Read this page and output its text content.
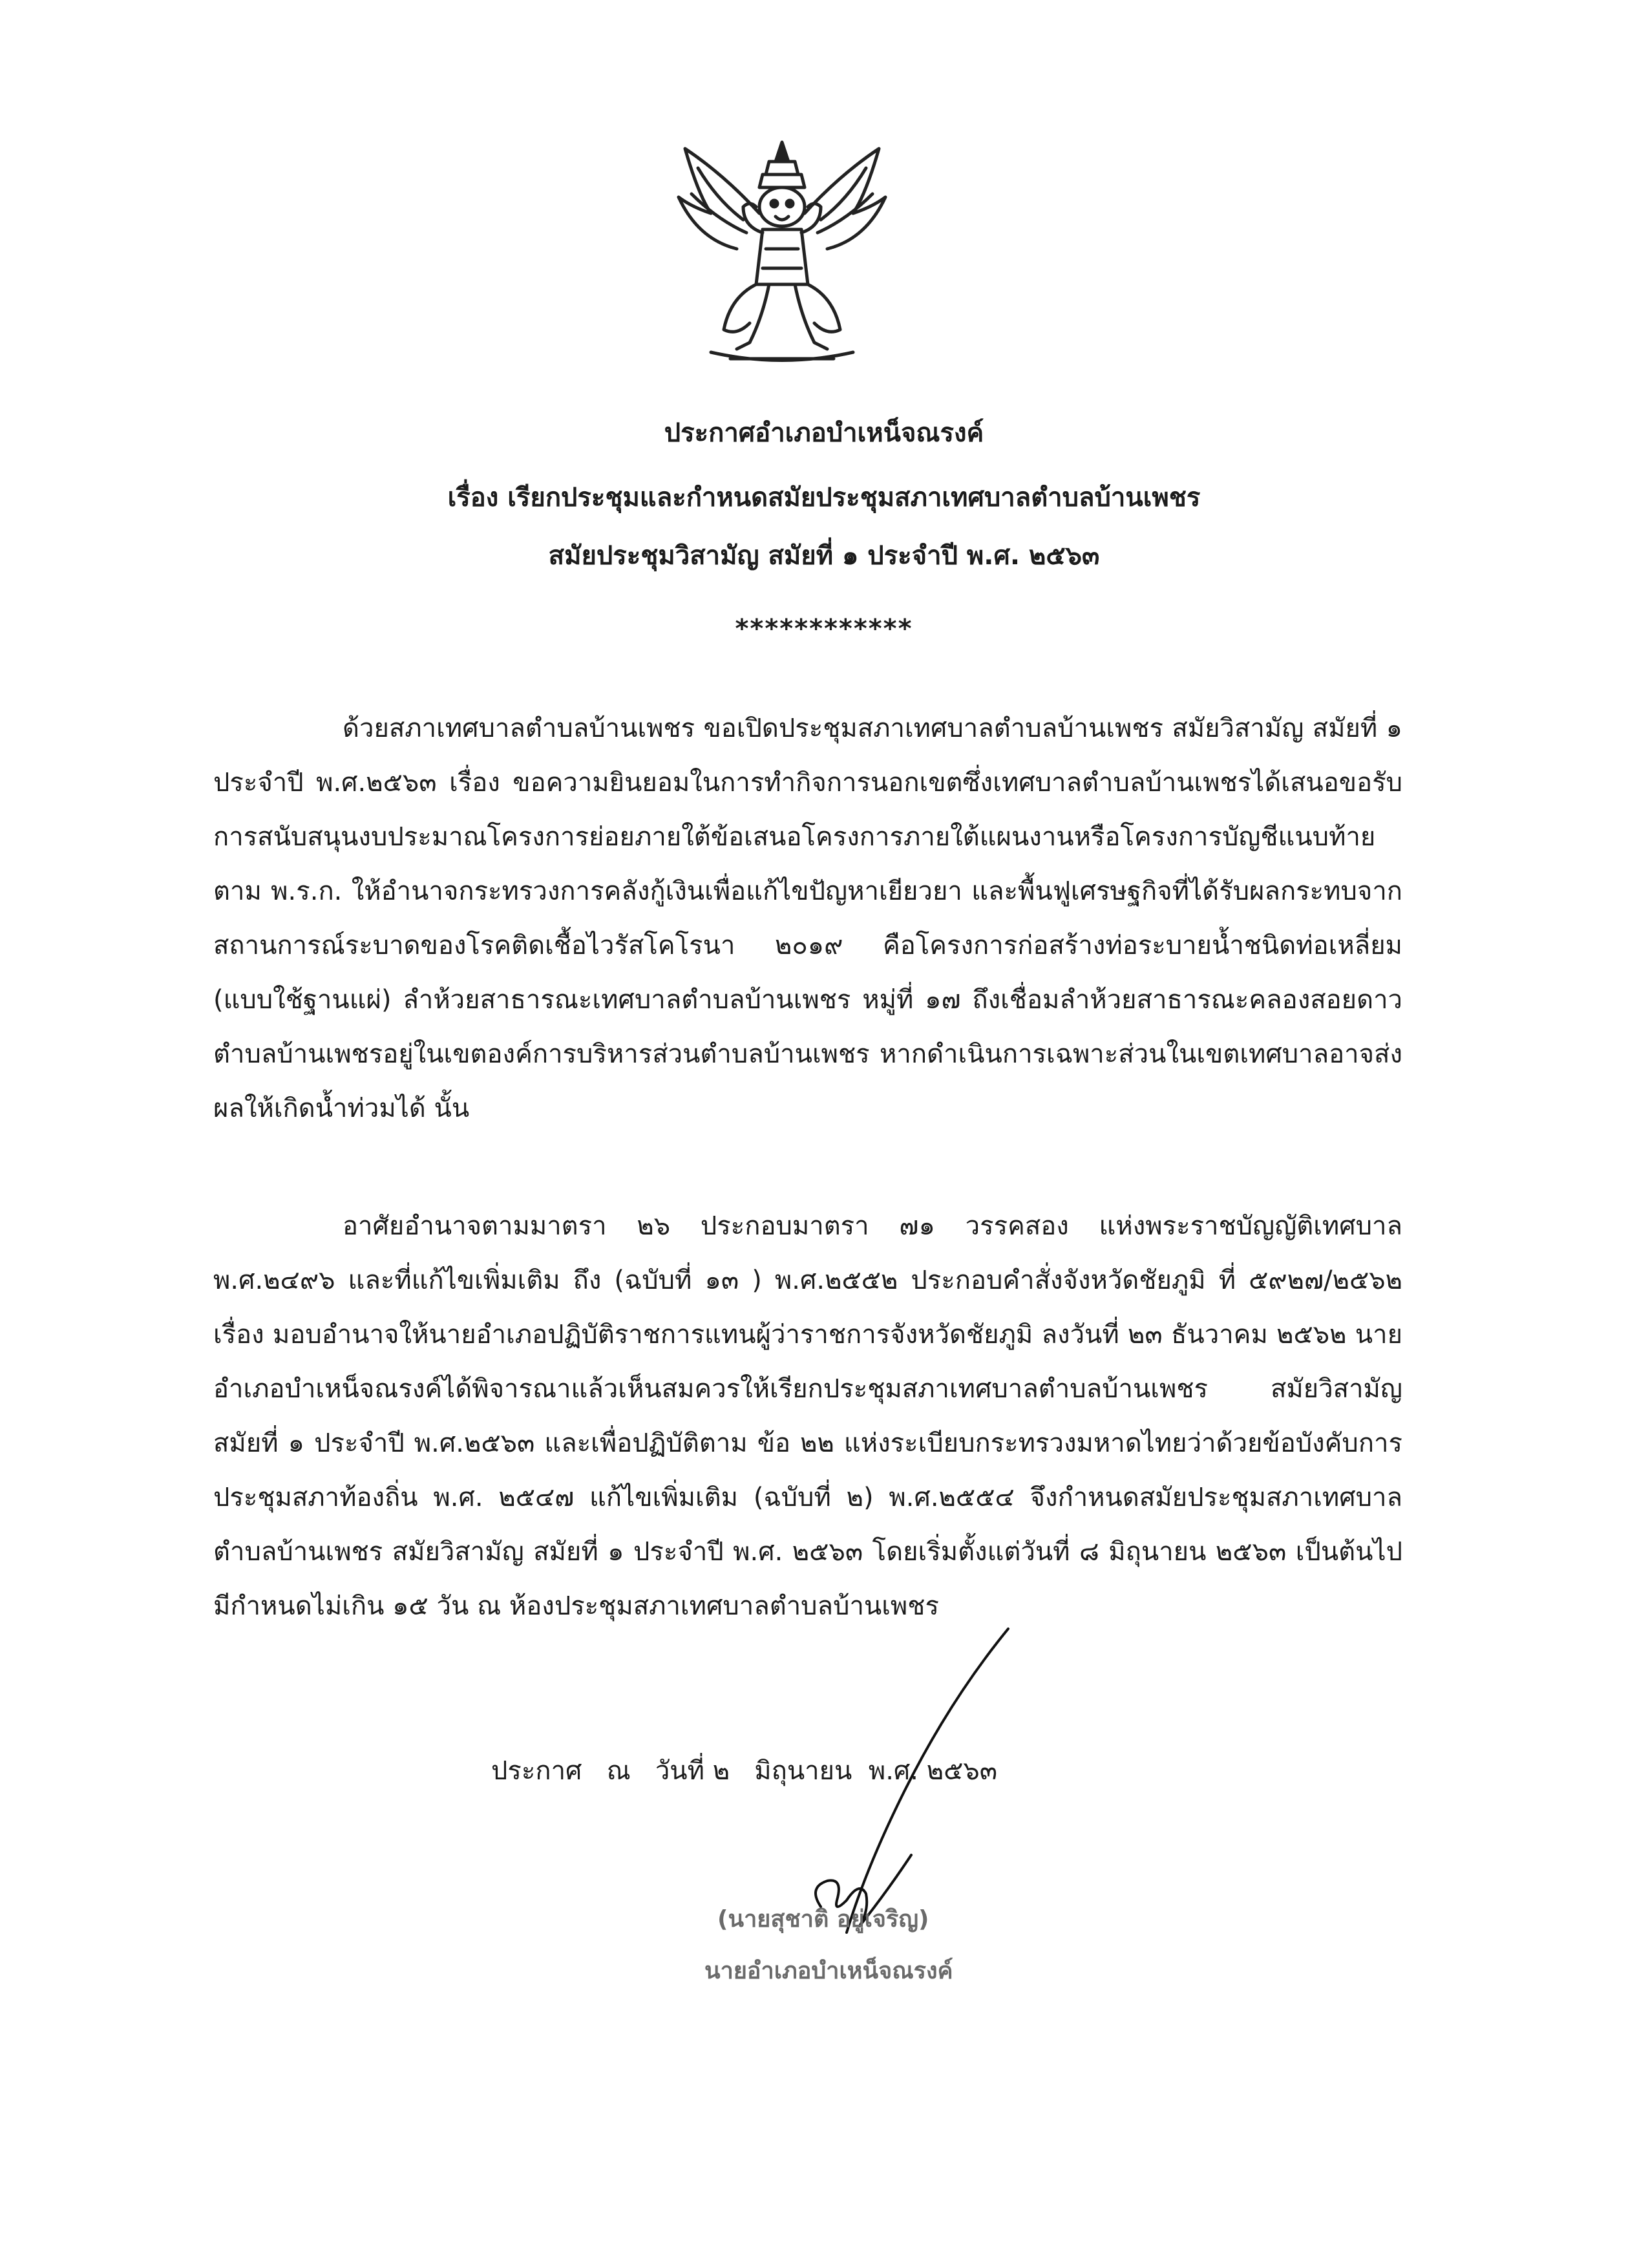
ประกาศอำเภอบำเหน็จณรงค์
เรื่อง เรียกประชุมและกำหนดสมัยประชุมสภาเทศบาลตำบลบ้านเพชร
สมัยประชุมวิสามัญ สมัยที่ ๑ ประจำปี พ.ศ. ๒๕๖๓
************

ด้วยสภาเทศบาลตำบลบ้านเพชร ขอเปิดประชุมสภาเทศบาลตำบลบ้านเพชร สมัยวิสามัญ สมัยที่ ๑ ประจำปี พ.ศ.๒๕๖๓ เรื่อง ขอความยินยอมในการทำกิจการนอกเขตซึ่งเทศบาลตำบลบ้านเพชรได้เสนอขอรับการสนับสนุนงบประมาณโครงการย่อยภายใต้ข้อเสนอโครงการภายใต้แผนงานหรือโครงการบัญชีแนบท้ายตาม พ.ร.ก. ให้อำนาจกระทรวงการคลังกู้เงินเพื่อแก้ไขปัญหาเยียวยา และพื้นฟูเศรษฐกิจที่ได้รับผลกระทบจากสถานการณ์ระบาดของโรคติดเชื้อไวรัสโคโรนา ๒๐๑๙ คือโครงการก่อสร้างท่อระบายน้ำชนิดท่อเหลี่ยม (แบบใช้ฐานแผ่) ลำห้วยสาธารณะเทศบาลตำบลบ้านเพชร หมู่ที่ ๑๗ ถึงเชื่อมลำห้วยสาธารณะคลองสอยดาวตำบลบ้านเพชรอยู่ในเขตองค์การบริหารส่วนตำบลบ้านเพชร หากดำเนินการเฉพาะส่วนในเขตเทศบาลอาจส่งผลให้เกิดน้ำท่วมได้ นั้น

อาศัยอำนาจตามมาตรา ๒๖ ประกอบมาตรา ๗๑ วรรคสอง แห่งพระราชบัญญัติเทศบาล พ.ศ.๒๔๙๖ และที่แก้ไขเพิ่มเติม ถึง (ฉบับที่ ๑๓ ) พ.ศ.๒๕๕๒ ประกอบคำสั่งจังหวัดชัยภูมิ ที่ ๕๙๒๗/๒๕๖๒ เรื่อง มอบอำนาจให้นายอำเภอปฏิบัติราชการแทนผู้ว่าราชการจังหวัดชัยภูมิ ลงวันที่ ๒๓ ธันวาคม ๒๕๖๒ นายอำเภอบำเหน็จณรงค์ได้พิจารณาแล้วเห็นสมควรให้เรียกประชุมสภาเทศบาลตำบลบ้านเพชร สมัยวิสามัญ สมัยที่ ๑ ประจำปี พ.ศ.๒๕๖๓ และเพื่อปฏิบัติตาม ข้อ ๒๒ แห่งระเบียบกระทรวงมหาดไทยว่าด้วยข้อบังคับการประชุมสภาท้องถิ่น พ.ศ. ๒๕๔๗ แก้ไขเพิ่มเติม (ฉบับที่ ๒) พ.ศ.๒๕๕๔ จึงกำหนดสมัยประชุมสภาเทศบาลตำบลบ้านเพชร สมัยวิสามัญ สมัยที่ ๑ ประจำปี พ.ศ. ๒๕๖๓ โดยเริ่มตั้งแต่วันที่ ๘ มิถุนายน ๒๕๖๓ เป็นต้นไป มีกำหนดไม่เกิน ๑๕ วัน ณ ห้องประชุมสภาเทศบาลตำบลบ้านเพชร

ประกาศ   ณ   วันที่ ๒   มิถุนายน  พ.ศ. ๒๕๖๓
(นายสุชาติ อยู่เจริญ)
นายอำเภอบำเหน็จณรงค์
